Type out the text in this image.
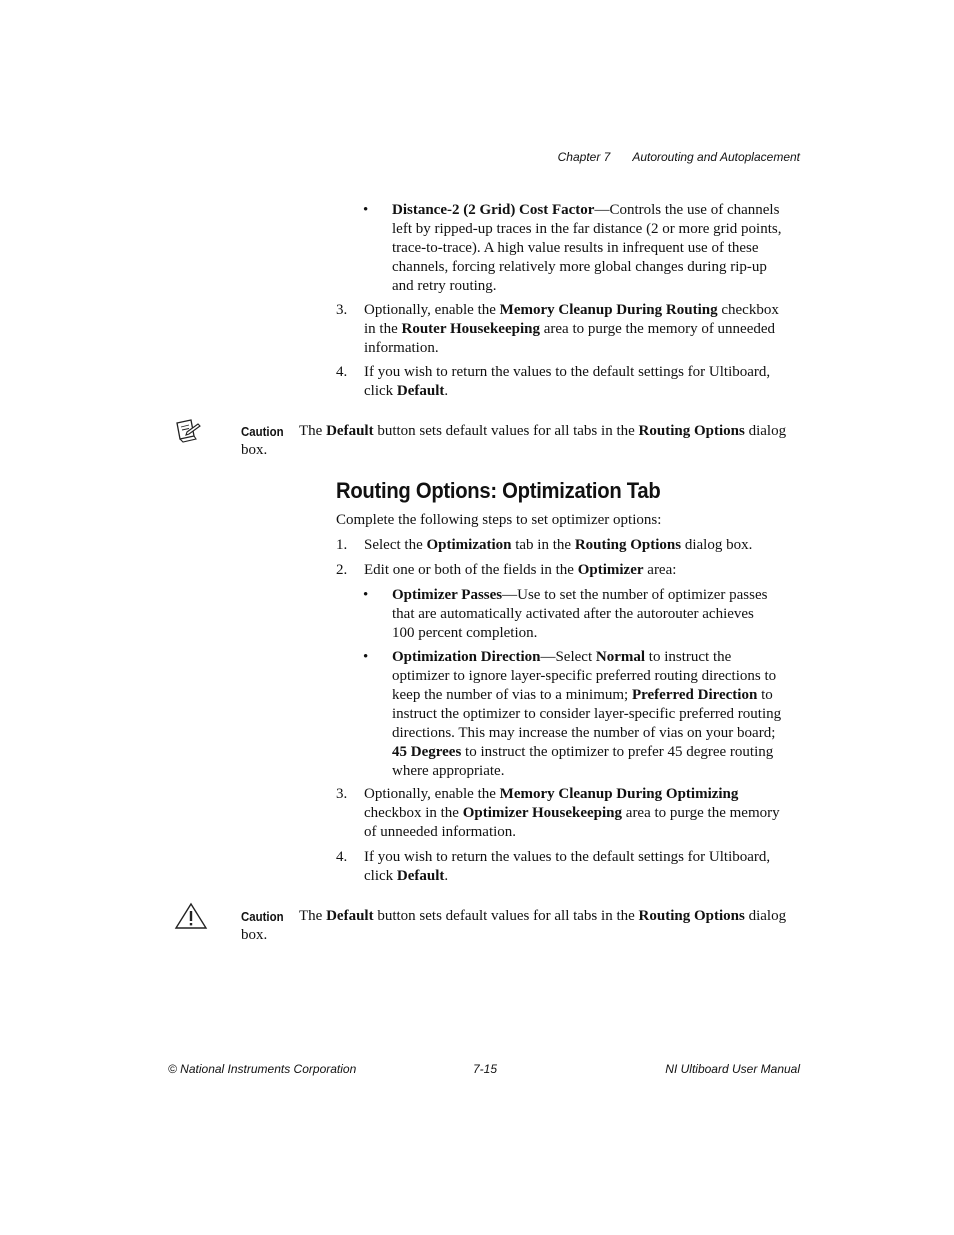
Chapter 7 Autorouting and Autoplacement
• Distance-2 (2 Grid) Cost Factor—Controls the use of channels
left by ripped-up traces in the far distance (2 or more grid points,
trace-to-trace). A high value results in infrequent use of these
channels, forcing relatively more global changes during rip-up
and retry routing.
3. Optionally, enable the Memory Cleanup During Routing checkbox
in the Router Housekeeping area to purge the memory of unneeded
information.
4. If you wish to return the values to the default settings for Ultiboard,
click Default.
Caution The Default button sets default values for all tabs in the Routing Options dialog
box.
Routing Options: Optimization Tab
Complete the following steps to set optimizer options:
1. Select the Optimization tab in the Routing Options dialog box.
2. Edit one or both of the fields in the Optimizer area:
• Optimizer Passes—Use to set the number of optimizer passes
that are automatically activated after the autorouter achieves
100 percent completion.
• Optimization Direction—Select Normal to instruct the
optimizer to ignore layer-specific preferred routing directions to
keep the number of vias to a minimum; Preferred Direction to
instruct the optimizer to consider layer-specific preferred routing
directions. This may increase the number of vias on your board;
45 Degrees to instruct the optimizer to prefer 45 degree routing
where appropriate.
3. Optionally, enable the Memory Cleanup During Optimizing
checkbox in the Optimizer Housekeeping area to purge the memory
of unneeded information.
4. If you wish to return the values to the default settings for Ultiboard,
click Default.
Caution The Default button sets default values for all tabs in the Routing Options dialog
box.
© National Instruments Corporation	7-15	NI Ultiboard User Manual
